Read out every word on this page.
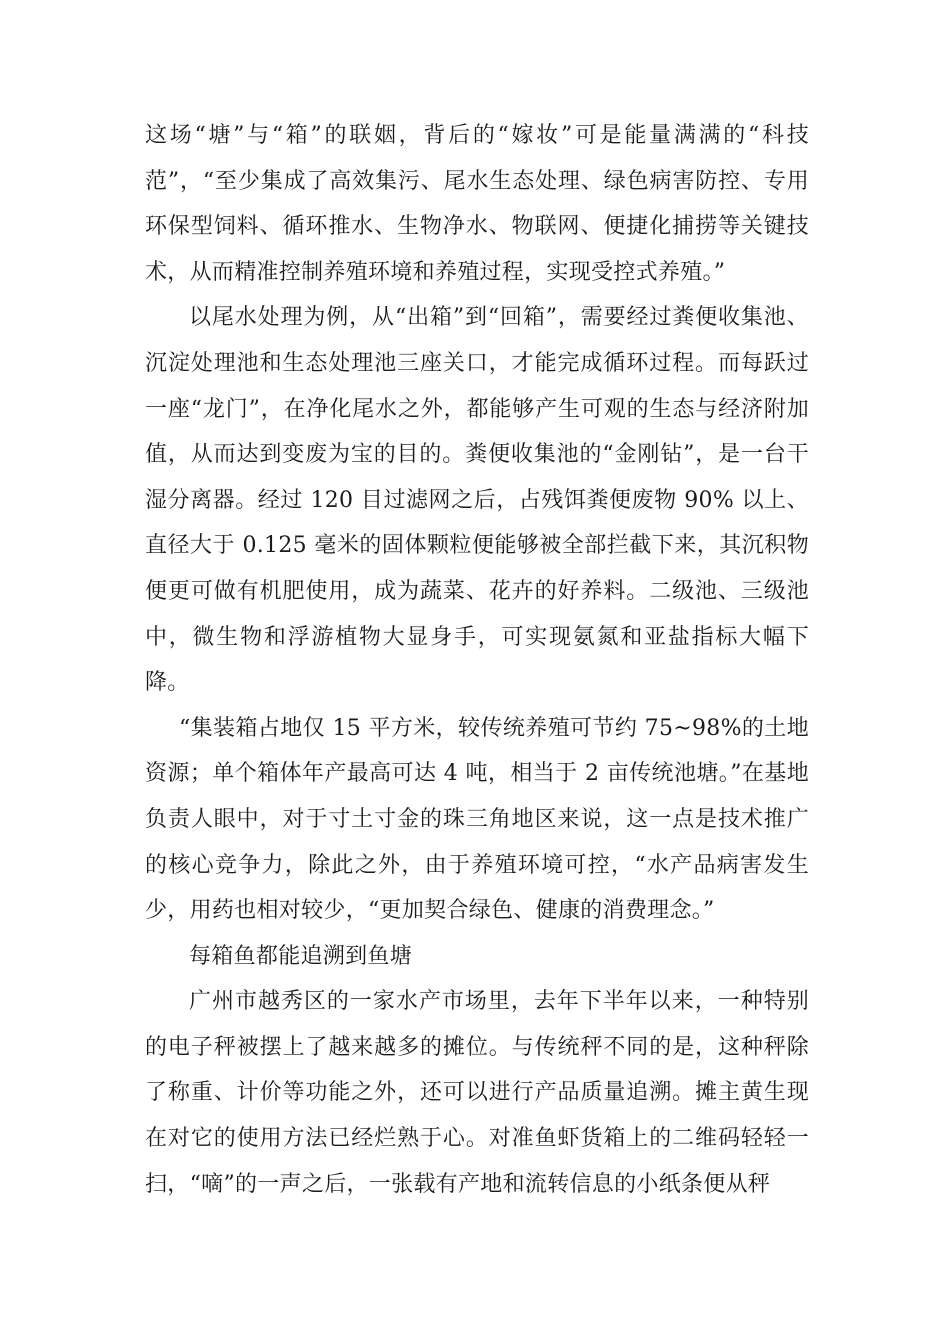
这场“塘”与“箱”的联姻，背后的“嫁妆”可是能量满满的“科技范”，“至少集成了高效集污、尾水生态处理、绿色病害防控、专用环保型饲料、循环推水、生物净水、物联网、便捷化捕捞等关键技术，从而精准控制养殖环境和养殖过程，实现受控式养殖。”

以尾水处理为例，从“出箱”到“回箱”，需要经过粪便收集池、沉淀处理池和生态处理池三座关口，才能完成循环过程。而每跃过一座“龙门”，在净化尾水之外，都能够产生可观的生态与经济附加值，从而达到变废为宝的目的。粪便收集池的“金刚钻”，是一台干湿分离器。经过 120 目过滤网之后，占残饵粪便废物 90% 以上、直径大于 0.125 毫米的固体颗粒便能够被全部拦截下来，其沉积物便更可做有机肥使用，成为蔬菜、花卉的好养料。二级池、三级池中，微生物和浮游植物大显身手，可实现氨氮和亚盐指标大幅下降。

“集装箱占地仅 15 平方米，较传统养殖可节约 75~98%的土地资源；单个箱体年产最高可达 4 吨，相当于 2 亩传统池塘。”在基地负责人眼中，对于寸土寸金的珠三角地区来说，这一点是技术推广的核心竞争力，除此之外，由于养殖环境可控，“水产品病害发生少，用药也相对较少，“更加契合绿色、健康的消费理念。”

每箱鱼都能追溯到鱼塘

广州市越秀区的一家水产市场里，去年下半年以来，一种特别的电子秤被摆上了越来越多的摊位。与传统秤不同的是，这种秤除了称重、计价等功能之外，还可以进行产品质量追溯。摊主黄生现在对它的使用方法已经烂熟于心。对准鱼虾货箱上的二维码轻轻一扫，“嘀”的一声之后，一张载有产地和流转信息的小纸条便从秤
